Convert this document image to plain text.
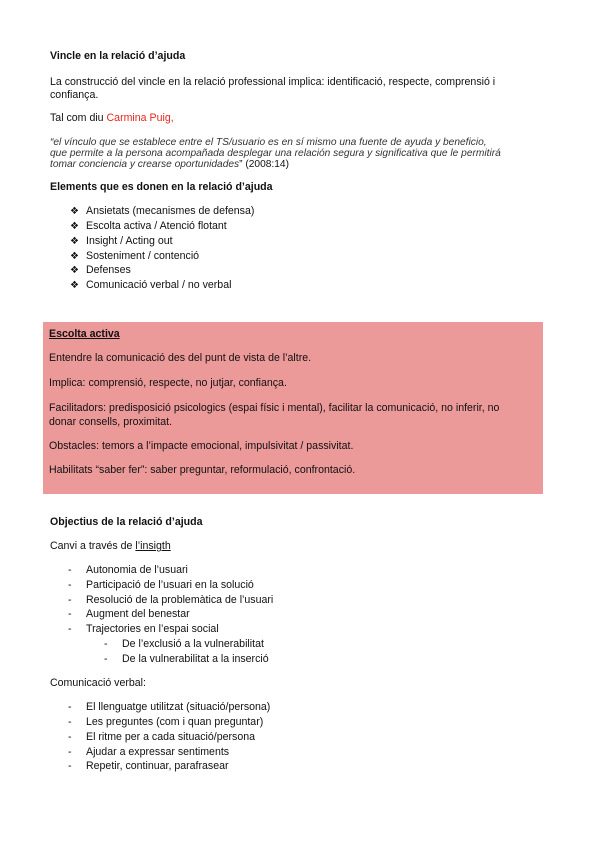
Vincle en la relació d’ajuda
La construcció del vincle en la relació professional implica: identificació, respecte, comprensió i
confiança.
Tal com diu Carmina Puig,
“el vínculo que se establece entre el TS/usuario es en sí mismo una fuente de ayuda y beneficio,
que permite a la persona acompañada desplegar una relación segura y significativa que le permitirá
tomar conciencia y crearse oportunidades” (2008:14)
Elements que es donen en la relació d’ajuda
❖ Ansietats (mecanismes de defensa)
❖ Escolta activa / Atenció flotant
❖ Insight / Acting out
❖ Sosteniment / contenció
❖ Defenses
❖ Comunicació verbal / no verbal
Escolta activa
Entendre la comunicació des del punt de vista de l’altre.
Implica: comprensió, respecte, no jutjar, confiança.
Facilitadors: predisposició psicologics (espai físic i mental), facilitar la comunicació, no inferir, no
donar consells, proximitat.
Obstacles: temors a l’impacte emocional, impulsivitat / passivitat.
Habilitats “saber fer”: saber preguntar, reformulació, confrontació.
Objectius de la relació d’ajuda
Canvi a través de l’insigth
- Autonomia de l’usuari
- Participació de l’usuari en la solució
- Resolució de la problemàtica de l’usuari
- Augment del benestar
- Trajectories en l’espai social
- De l’exclusió a la vulnerabilitat
- De la vulnerabilitat a la inserció
Comunicació verbal:
- El llenguatge utilitzat (situació/persona)
- Les preguntes (com i quan preguntar)
- El ritme per a cada situació/persona
- Ajudar a expressar sentiments
- Repetir, continuar, parafrasear
